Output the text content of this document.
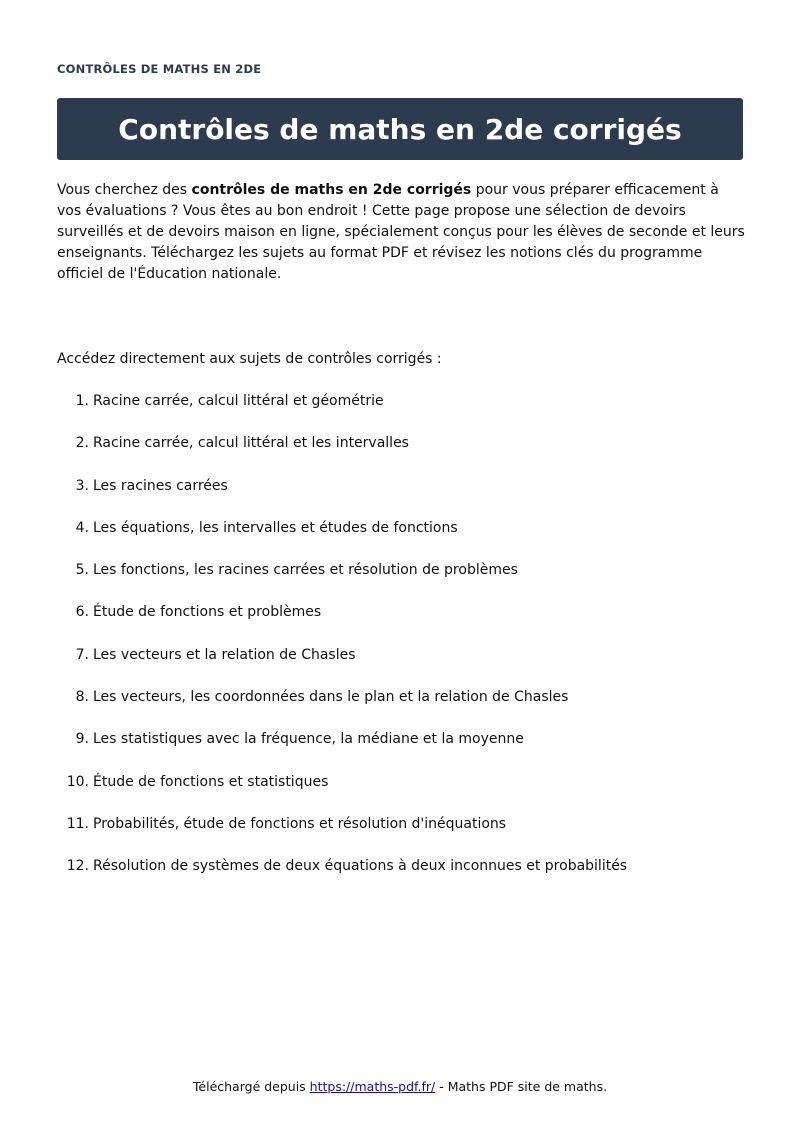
CONTRÔLES DE MATHS EN 2DE
Contrôles de maths en 2de corrigés

Vous cherchez des contrôles de maths en 2de corrigés pour vous préparer efficacement à vos évaluations ? Vous êtes au bon endroit ! Cette page propose une sélection de devoirs surveillés et de devoirs maison en ligne, spécialement conçus pour les élèves de seconde et leurs enseignants. Téléchargez les sujets au format PDF et révisez les notions clés du programme officiel de l'Éducation nationale.

Accédez directement aux sujets de contrôles corrigés :

1. Racine carrée, calcul littéral et géométrie
2. Racine carrée, calcul littéral et les intervalles
3. Les racines carrées
4. Les équations, les intervalles et études de fonctions
5. Les fonctions, les racines carrées et résolution de problèmes
6. Étude de fonctions et problèmes
7. Les vecteurs et la relation de Chasles
8. Les vecteurs, les coordonnées dans le plan et la relation de Chasles
9. Les statistiques avec la fréquence, la médiane et la moyenne
10. Étude de fonctions et statistiques
11. Probabilités, étude de fonctions et résolution d'inéquations
12. Résolution de systèmes de deux équations à deux inconnues et probabilités
Téléchargé depuis https://maths-pdf.fr/ - Maths PDF site de maths.
